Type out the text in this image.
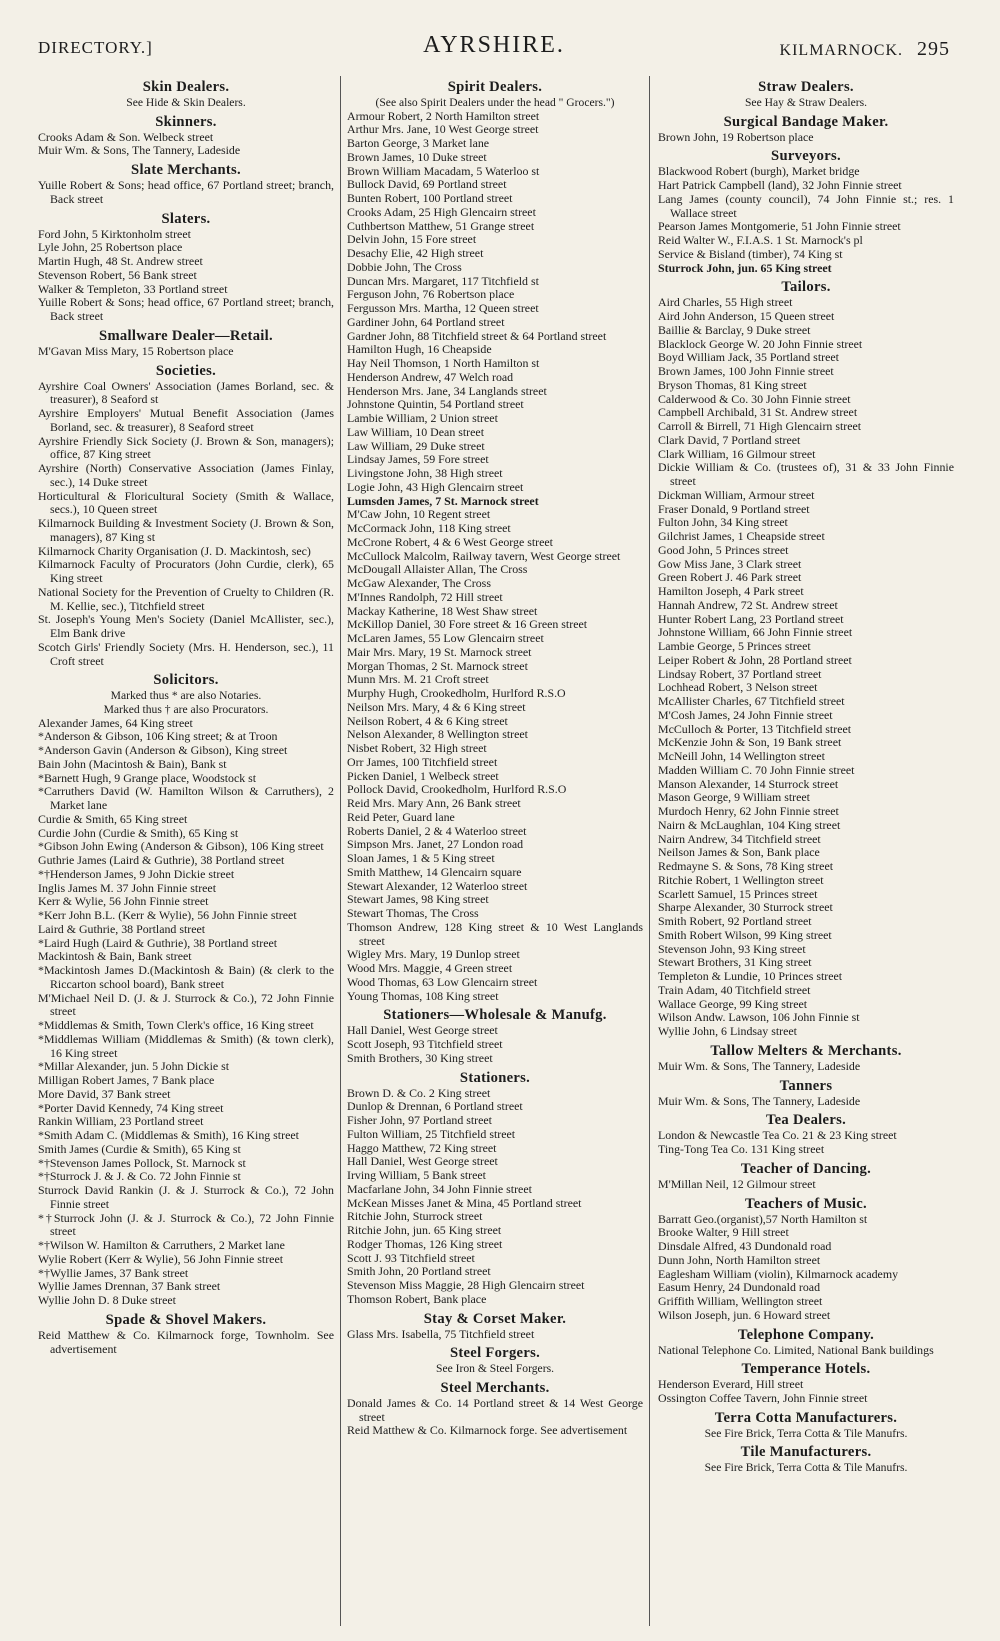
DIRECTORY.]	AYRSHIRE.	KILMARNOCK. 295
Skin Dealers.
See Hide & Skin Dealers.
Skinners.
Crooks Adam & Son. Welbeck street
Muir Wm. & Sons, The Tannery, Ladeside
Slate Merchants.
Yuille Robert & Sons; head office, 67 Portland street; branch, Back street
Slaters.
Ford John, 5 Kirktonholm street
Lyle John, 25 Robertson place
Martin Hugh, 48 St. Andrew street
Stevenson Robert, 56 Bank street
Walker & Templeton, 33 Portland street
Yuille Robert & Sons; head office, 67 Portland street; branch, Back street
Smallware Dealer—Retail.
M'Gavan Miss Mary, 15 Robertson place
Societies.
Ayrshire Coal Owners' Association (James Borland, sec. & treasurer), 8 Seaford st
Ayrshire Employers' Mutual Benefit Association (James Borland, sec. & treasurer), 8 Seaford street
Ayrshire Friendly Sick Society (J. Brown & Son, managers); office, 87 King street
Ayrshire (North) Conservative Association (James Finlay, sec.), 14 Duke street
Horticultural & Floricultural Society (Smith & Wallace, secs.), 10 Queen street
Kilmarnock Building & Investment Society (J. Brown & Son, managers), 87 King st
Kilmarnock Charity Organisation (J. D. Mackintosh, sec)
Kilmarnock Faculty of Procurators (John Curdie, clerk), 65 King street
National Society for the Prevention of Cruelty to Children (R. M. Kellie, sec.), Titchfield street
St. Joseph's Young Men's Society (Daniel McAllister, sec.), Elm Bank drive
Scotch Girls' Friendly Society (Mrs. H. Henderson, sec.), 11 Croft street
Solicitors.
Marked thus * are also Notaries.
Marked thus † are also Procurators.
Alexander James, 64 King street
*Anderson & Gibson, 106 King street; & at Troon
*Anderson Gavin (Anderson & Gibson), King street
Bain John (Macintosh & Bain), Bank st
*Barnett Hugh, 9 Grange place, Woodstock st
*Carruthers David (W. Hamilton Wilson & Carruthers), 2 Market lane
Curdie & Smith, 65 King street
Curdie John (Curdie & Smith), 65 King st
*Gibson John Ewing (Anderson & Gibson), 106 King street
Guthrie James (Laird & Guthrie), 38 Portland street
*†Henderson James, 9 John Dickie street
Inglis James M. 37 John Finnie street
Kerr & Wylie, 56 John Finnie street
*Kerr John B.L. (Kerr & Wylie), 56 John Finnie street
Laird & Guthrie, 38 Portland street
*Laird Hugh (Laird & Guthrie), 38 Portland street
Mackintosh & Bain, Bank street
*Mackintosh James D.(Mackintosh & Bain) (& clerk to the Riccarton school board), Bank street
M'Michael Neil D. (J. & J. Sturrock & Co.), 72 John Finnie street
*Middlemas & Smith, Town Clerk's office, 16 King street
*Middlemas William (Middlemas & Smith) (& town clerk), 16 King street
*Millar Alexander, jun. 5 John Dickie st
Milligan Robert James, 7 Bank place
More David, 37 Bank street
*Porter David Kennedy, 74 King street
Rankin William, 23 Portland street
*Smith Adam C. (Middlemas & Smith), 16 King street
Smith James (Curdie & Smith), 65 King st
*†Stevenson James Pollock, St. Marnock st
*†Sturrock J. & J. & Co. 72 John Finnie st
Sturrock David Rankin (J. & J. Sturrock & Co.), 72 John Finnie street
*†Sturrock John (J. & J. Sturrock & Co.), 72 John Finnie street
*†Wilson W. Hamilton & Carruthers, 2 Market lane
Wylie Robert (Kerr & Wylie), 56 John Finnie street
*†Wyllie James, 37 Bank street
Wyllie James Drennan, 37 Bank street
Wyllie John D. 8 Duke street
Spade & Shovel Makers.
Reid Matthew & Co. Kilmarnock forge, Townholm. See advertisement
Spirit Dealers.
(See also Spirit Dealers under the head " Grocers.")
Armour Robert, 2 North Hamilton street
Arthur Mrs. Jane, 10 West George street
Barton George, 3 Market lane
Brown James, 10 Duke street
Brown William Macadam, 5 Waterloo st
Bullock David, 69 Portland street
Bunten Robert, 100 Portland street
Crooks Adam, 25 High Glencairn street
Cuthbertson Matthew, 51 Grange street
Delvin John, 15 Fore street
Desachy Elie, 42 High street
Dobbie John, The Cross
Duncan Mrs. Margaret, 117 Titchfield st
Ferguson John, 76 Robertson place
Fergusson Mrs. Martha, 12 Queen street
Gardiner John, 64 Portland street
Gardner John, 88 Titchfield street & 64 Portland street
Hamilton Hugh, 16 Cheapside
Hay Neil Thomson, 1 North Hamilton st
Henderson Andrew, 47 Welch road
Henderson Mrs. Jane, 34 Langlands street
Johnstone Quintin, 54 Portland street
Lambie William, 2 Union street
Law William, 10 Dean street
Law William, 29 Duke street
Lindsay James, 59 Fore street
Livingstone John, 38 High street
Logie John, 43 High Glencairn street
Lumsden James, 7 St. Marnock street
M'Caw John, 10 Regent street
McCormack John, 118 King street
McCrone Robert, 4 & 6 West George street
McCullock Malcolm, Railway tavern, West George street
McDougall Allaister Allan, The Cross
McGaw Alexander, The Cross
M'Innes Randolph, 72 Hill street
Mackay Katherine, 18 West Shaw street
McKillop Daniel, 30 Fore street & 16 Green street
McLaren James, 55 Low Glencairn street
Mair Mrs. Mary, 19 St. Marnock street
Morgan Thomas, 2 St. Marnock street
Munn Mrs. M. 21 Croft street
Murphy Hugh, Crookedholm, Hurlford R.S.O
Neilson Mrs. Mary, 4 & 6 King street
Neilson Robert, 4 & 6 King street
Nelson Alexander, 8 Wellington street
Nisbet Robert, 32 High street
Orr James, 100 Titchfield street
Picken Daniel, 1 Welbeck street
Pollock David, Crookedholm, Hurlford R.S.O
Reid Mrs. Mary Ann, 26 Bank street
Reid Peter, Guard lane
Roberts Daniel, 2 & 4 Waterloo street
Simpson Mrs. Janet, 27 London road
Sloan James, 1 & 5 King street
Smith Matthew, 14 Glencairn square
Stewart Alexander, 12 Waterloo street
Stewart James, 98 King street
Stewart Thomas, The Cross
Thomson Andrew, 128 King street & 10 West Langlands street
Wigley Mrs. Mary, 19 Dunlop street
Wood Mrs. Maggie, 4 Green street
Wood Thomas, 63 Low Glencairn street
Young Thomas, 108 King street
Stationers—Wholesale & Manufg.
Hall Daniel, West George street
Scott Joseph, 93 Titchfield street
Smith Brothers, 30 King street
Stationers.
Brown D. & Co. 2 King street
Dunlop & Drennan, 6 Portland street
Fisher John, 97 Portland street
Fulton William, 25 Titchfield street
Haggo Matthew, 72 King street
Hall Daniel, West George street
Irving William, 5 Bank street
Macfarlane John, 34 John Finnie street
McKean Misses Janet & Mina, 45 Portland street
Ritchie John, Sturrock street
Ritchie John, jun. 65 King street
Rodger Thomas, 126 King street
Scott J. 93 Titchfield street
Smith John, 20 Portland street
Stevenson Miss Maggie, 28 High Glencairn street
Thomson Robert, Bank place
Stay & Corset Maker.
Glass Mrs. Isabella, 75 Titchfield street
Steel Forgers.
See Iron & Steel Forgers.
Steel Merchants.
Donald James & Co. 14 Portland street & 14 West George street
Reid Matthew & Co. Kilmarnock forge. See advertisement
Straw Dealers.
See Hay & Straw Dealers.
Surgical Bandage Maker.
Brown John, 19 Robertson place
Surveyors.
Blackwood Robert (burgh), Market bridge
Hart Patrick Campbell (land), 32 John Finnie street
Lang James (county council), 74 John Finnie st.; res. 1 Wallace street
Pearson James Montgomerie, 51 John Finnie street
Reid Walter W., F.I.A.S. 1 St. Marnock's pl
Service & Bisland (timber), 74 King st
Sturrock John, jun. 65 King street
Tailors.
Aird Charles, 55 High street
Aird John Anderson, 15 Queen street
Baillie & Barclay, 9 Duke street
Blacklock George W. 20 John Finnie street
Boyd William Jack, 35 Portland street
Brown James, 100 John Finnie street
Bryson Thomas, 81 King street
Calderwood & Co. 30 John Finnie street
Campbell Archibald, 31 St. Andrew street
Carroll & Birrell, 71 High Glencairn street
Clark David, 7 Portland street
Clark William, 16 Gilmour street
Dickie William & Co. (trustees of), 31 & 33 John Finnie street
Dickman William, Armour street
Fraser Donald, 9 Portland street
Fulton John, 34 King street
Gilchrist James, 1 Cheapside street
Good John, 5 Princes street
Gow Miss Jane, 3 Clark street
Green Robert J. 46 Park street
Hamilton Joseph, 4 Park street
Hannah Andrew, 72 St. Andrew street
Hunter Robert Lang, 23 Portland street
Johnstone William, 66 John Finnie street
Lambie George, 5 Princes street
Leiper Robert & John, 28 Portland street
Lindsay Robert, 37 Portland street
Lochhead Robert, 3 Nelson street
McAllister Charles, 67 Titchfield street
M'Cosh James, 24 John Finnie street
McCulloch & Porter, 13 Titchfield street
McKenzie John & Son, 19 Bank street
McNeill John, 14 Wellington street
Madden William C. 70 John Finnie street
Manson Alexander, 14 Sturrock street
Mason George, 9 William street
Murdoch Henry, 62 John Finnie street
Nairn & McLaughlan, 104 King street
Nairn Andrew, 34 Titchfield street
Neilson James & Son, Bank place
Redmayne S. & Sons, 78 King street
Ritchie Robert, 1 Wellington street
Scarlett Samuel, 15 Princes street
Sharpe Alexander, 30 Sturrock street
Smith Robert, 92 Portland street
Smith Robert Wilson, 99 King street
Stevenson John, 93 King street
Stewart Brothers, 31 King street
Templeton & Lundie, 10 Princes street
Train Adam, 40 Titchfield street
Wallace George, 99 King street
Wilson Andw. Lawson, 106 John Finnie st
Wyllie John, 6 Lindsay street
Tallow Melters & Merchants.
Muir Wm. & Sons, The Tannery, Ladeside
Tanners
Muir Wm. & Sons, The Tannery, Ladeside
Tea Dealers.
London & Newcastle Tea Co. 21 & 23 King street
Ting-Tong Tea Co. 131 King street
Teacher of Dancing.
M'Millan Neil, 12 Gilmour street
Teachers of Music.
Barratt Geo.(organist),57 North Hamilton st
Brooke Walter, 9 Hill street
Dinsdale Alfred, 43 Dundonald road
Dunn John, North Hamilton street
Eaglesham William (violin), Kilmarnock academy
Easum Henry, 24 Dundonald road
Griffith William, Wellington street
Wilson Joseph, jun. 6 Howard street
Telephone Company.
National Telephone Co. Limited, National Bank buildings
Temperance Hotels.
Henderson Everard, Hill street
Ossington Coffee Tavern, John Finnie street
Terra Cotta Manufacturers.
See Fire Brick, Terra Cotta & Tile Manufrs.
Tile Manufacturers.
See Fire Brick, Terra Cotta & Tile Manufrs.
